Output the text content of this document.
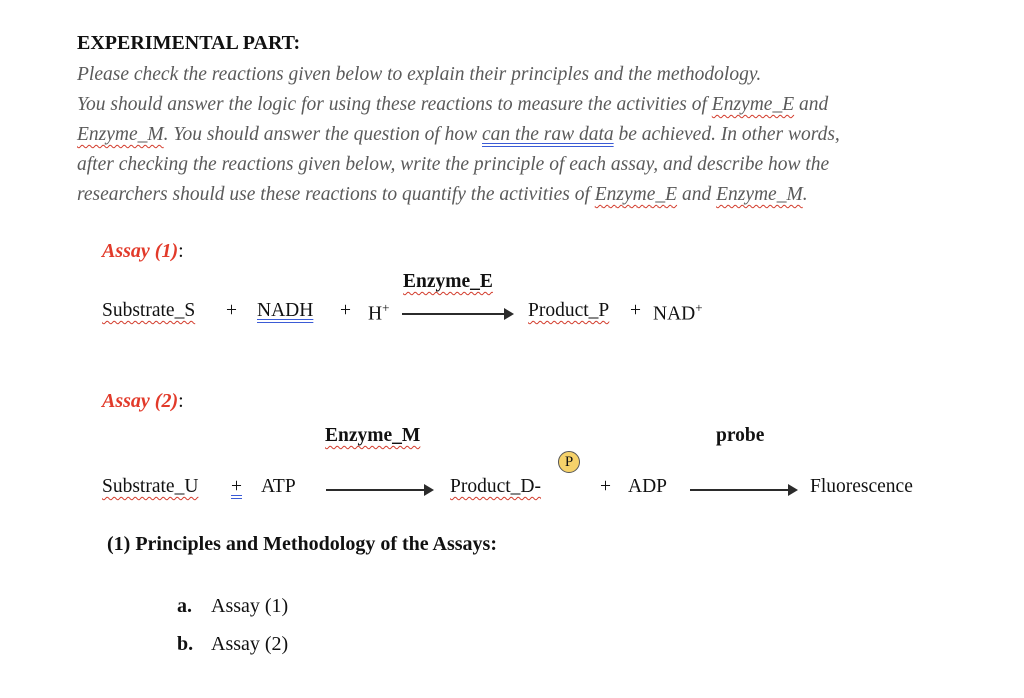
EXPERIMENTAL PART:
Please check the reactions given below to explain their principles and the methodology.
You should answer the logic for using these reactions to measure the activities of Enzyme_E and
Enzyme_M. You should answer the question of how can the raw data be achieved. In other words,
after checking the reactions given below, write the principle of each assay, and describe how the
researchers should use these reactions to quantify the activities of Enzyme_E and Enzyme_M.
Assay (1):
Enzyme_E
Substrate_S + NADH + H+	Product_P + NAD+
Assay (2):
Enzyme_M	probe
P
Substrate_U + ATP	Product_D-	+ ADP	Fluorescence
(1) Principles and Methodology of the Assays:
a. Assay (1)
b. Assay (2)
